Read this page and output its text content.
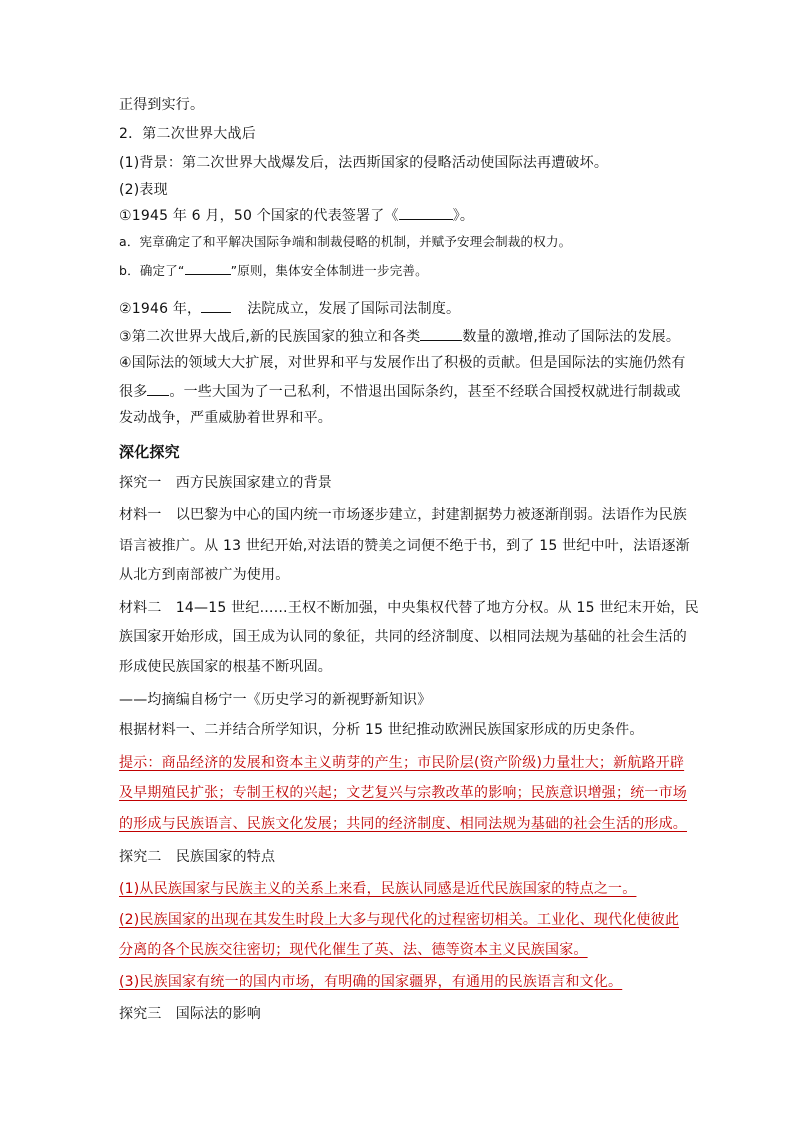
正得到实行。
2．第二次世界大战后
(1)背景：第二次世界大战爆发后，法西斯国家的侵略活动使国际法再遭破坏。
(2)表现
①1945 年 6 月，50 个国家的代表签署了《	》。
a．宪章确定了和平解决国际争端和制裁侵略的机制，并赋予安理会制裁的权力。
b．确定了“	”原则，集体安全体制进一步完善。
②1946 年，	法院成立，发展了国际司法制度。
③第二次世界大战后,新的民族国家的独立和各类	数量的激增,推动了国际法的发展。
④国际法的领域大大扩展，对世界和平与发展作出了积极的贡献。但是国际法的实施仍然有
很多 。一些大国为了一己私利，不惜退出国际条约，甚至不经联合国授权就进行制裁或
发动战争，严重威胁着世界和平。
深化探究
探究一　西方民族国家建立的背景
材料一　以巴黎为中心的国内统一市场逐步建立，封建割据势力被逐渐削弱。法语作为民族
语言被推广。从 13 世纪开始,对法语的赞美之词便不绝于书，到了 15 世纪中叶，法语逐渐
从北方到南部被广为使用。
材料二　14—15 世纪……王权不断加强，中央集权代替了地方分权。从 15 世纪末开始，民
族国家开始形成，国王成为认同的象征，共同的经济制度、以相同法规为基础的社会生活的
形成使民族国家的根基不断巩固。
——均摘编自杨宁一《历史学习的新视野新知识》
根据材料一、二并结合所学知识，分析 15 世纪推动欧洲民族国家形成的历史条件。
提示：商品经济的发展和资本主义萌芽的产生；市民阶层(资产阶级)力量壮大；新航路开辟
及早期殖民扩张；专制王权的兴起；文艺复兴与宗教改革的影响；民族意识增强；统一市场
的形成与民族语言、民族文化发展；共同的经济制度、相同法规为基础的社会生活的形成。
探究二　民族国家的特点
(1)从民族国家与民族主义的关系上来看，民族认同感是近代民族国家的特点之一。
(2)民族国家的出现在其发生时段上大多与现代化的过程密切相关。工业化、现代化使彼此
分离的各个民族交往密切；现代化催生了英、法、德等资本主义民族国家。
(3)民族国家有统一的国内市场，有明确的国家疆界，有通用的民族语言和文化。
探究三　国际法的影响
